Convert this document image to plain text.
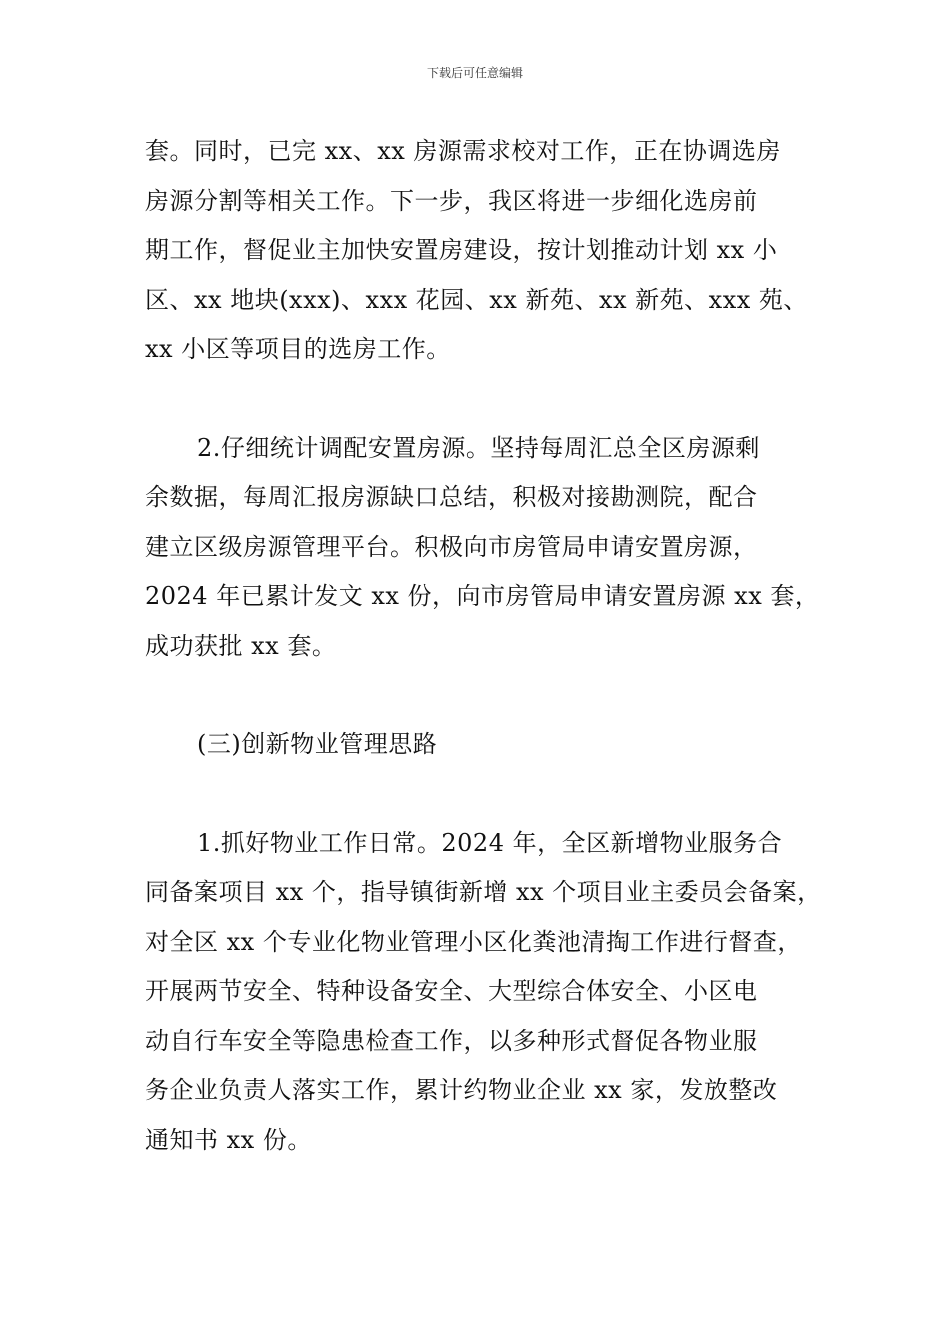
下载后可任意编辑
套。同时，已完 xx、xx 房源需求校对工作，正在协调选房
房源分割等相关工作。下一步，我区将进一步细化选房前
期工作，督促业主加快安置房建设，按计划推动计划 xx 小
区、xx 地块(xxx)、xxx 花园、xx 新苑、xx 新苑、xxx 苑、
xx 小区等项目的选房工作。
2.仔细统计调配安置房源。坚持每周汇总全区房源剩
余数据，每周汇报房源缺口总结，积极对接勘测院，配合
建立区级房源管理平台。积极向市房管局申请安置房源，
2024 年已累计发文 xx 份，向市房管局申请安置房源 xx 套，
成功获批 xx 套。
(三)创新物业管理思路
1.抓好物业工作日常。2024 年，全区新增物业服务合
同备案项目 xx 个，指导镇街新增 xx 个项目业主委员会备案，
对全区 xx 个专业化物业管理小区化粪池清掏工作进行督查，
开展两节安全、特种设备安全、大型综合体安全、小区电
动自行车安全等隐患检查工作，以多种形式督促各物业服
务企业负责人落实工作，累计约物业企业 xx 家，发放整改
通知书 xx 份。
